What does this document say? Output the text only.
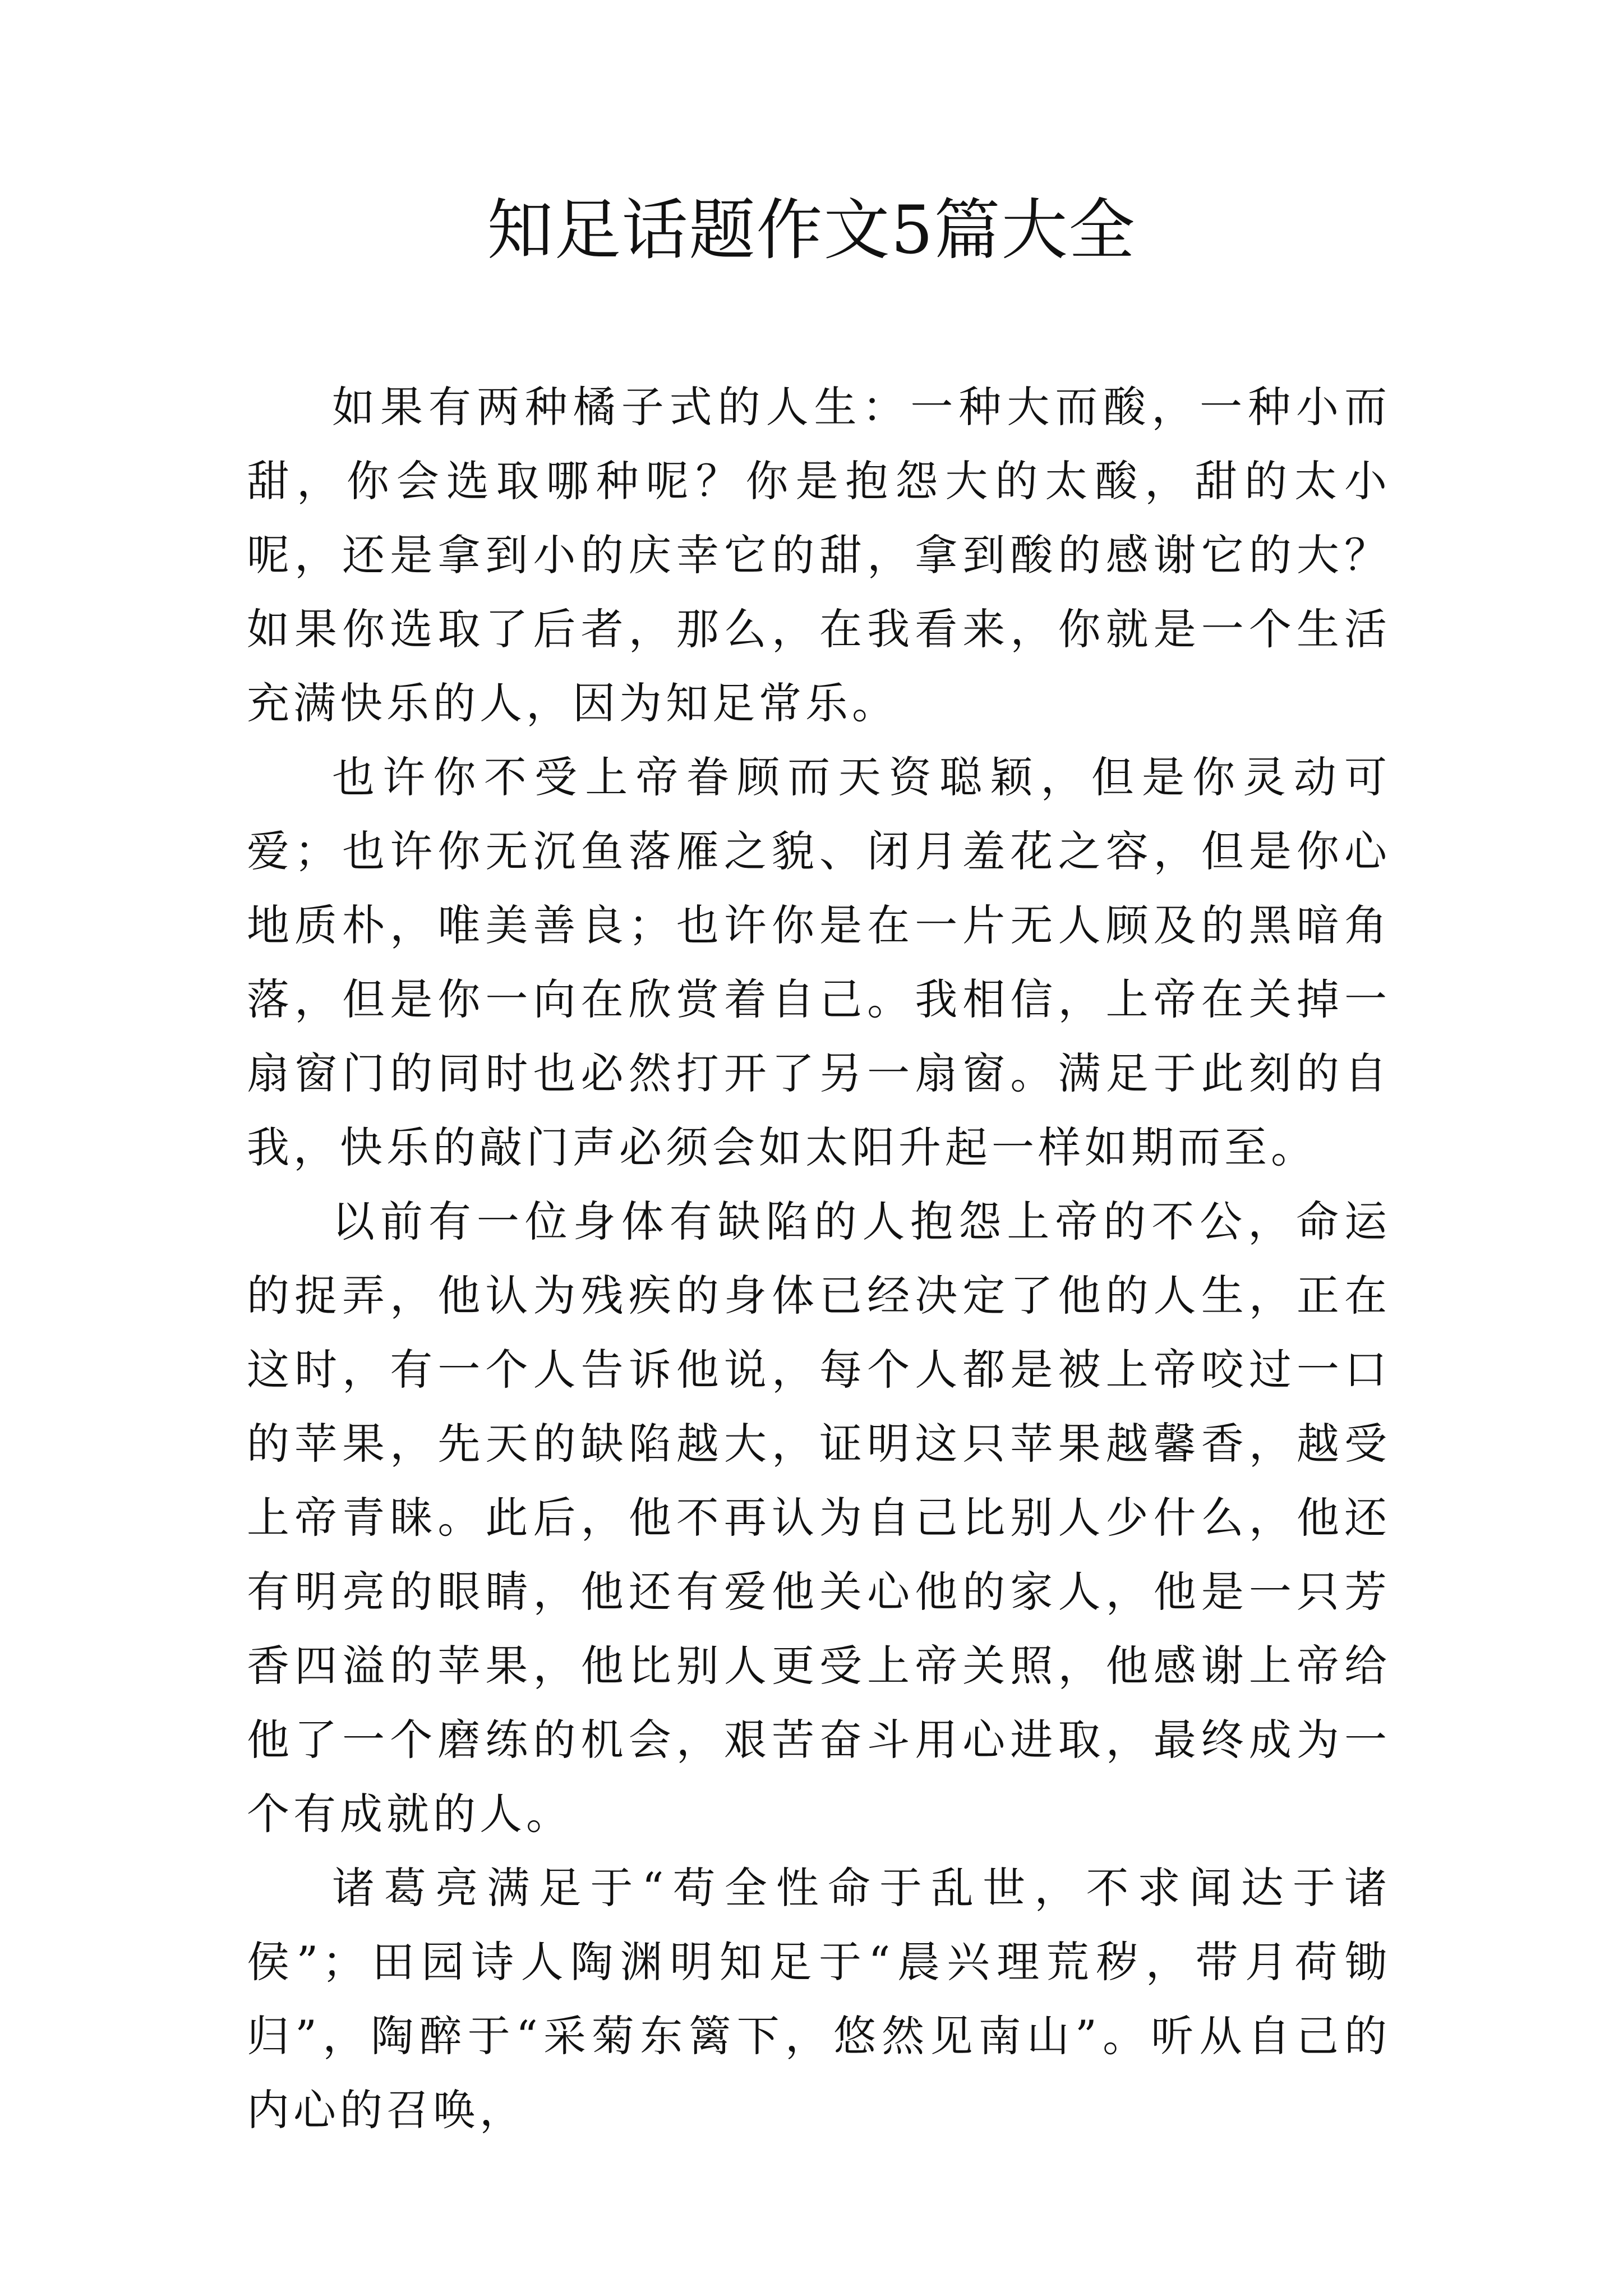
知足话题作文5篇大全

如果有两种橘子式的人生：一种大而酸，一种小而甜，你会选取哪种呢？你是抱怨大的太酸，甜的太小呢，还是拿到小的庆幸它的甜，拿到酸的感谢它的大？如果你选取了后者，那么，在我看来，你就是一个生活充满快乐的人，因为知足常乐。

也许你不受上帝眷顾而天资聪颖，但是你灵动可爱；也许你无沉鱼落雁之貌、闭月羞花之容，但是你心地质朴，唯美善良；也许你是在一片无人顾及的黑暗角落，但是你一向在欣赏着自己。我相信，上帝在关掉一扇窗门的同时也必然打开了另一扇窗。满足于此刻的自我，快乐的敲门声必须会如太阳升起一样如期而至。

以前有一位身体有缺陷的人抱怨上帝的不公，命运的捉弄，他认为残疾的身体已经决定了他的人生，正在这时，有一个人告诉他说，每个人都是被上帝咬过一口的苹果，先天的缺陷越大，证明这只苹果越馨香，越受上帝青睐。此后，他不再认为自己比别人少什么，他还有明亮的眼睛，他还有爱他关心他的家人，他是一只芳香四溢的苹果，他比别人更受上帝关照，他感谢上帝给他了一个磨练的机会，艰苦奋斗用心进取，最终成为一个有成就的人。

诸葛亮满足于“苟全性命于乱世，不求闻达于诸侯”；田园诗人陶渊明知足于“晨兴理荒秽，带月荷锄归”，陶醉于“采菊东篱下，悠然见南山”。听从自己的内心的召唤，
